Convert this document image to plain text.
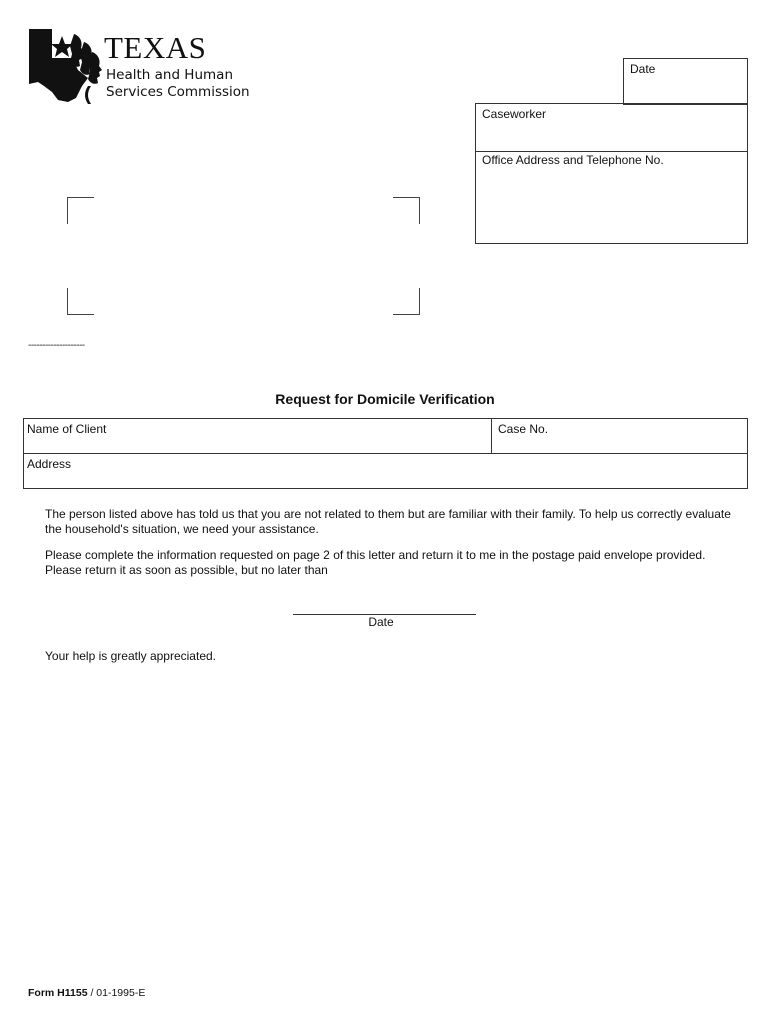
TEXAS
Health and Human
Services Commission
Date
Caseworker
Office Address and Telephone No.
--------------------
Request for Domicile Verification
Name of Client	Case No.
Address
The person listed above has told us that you are not related to them but are familiar with their family. To help us correctly evaluate the household's situation, we need your assistance.
Please complete the information requested on page 2 of this letter and return it to me in the postage paid envelope provided. Please return it as soon as possible, but no later than
Date
Your help is greatly appreciated.
Form H1155 / 01-1995-E
